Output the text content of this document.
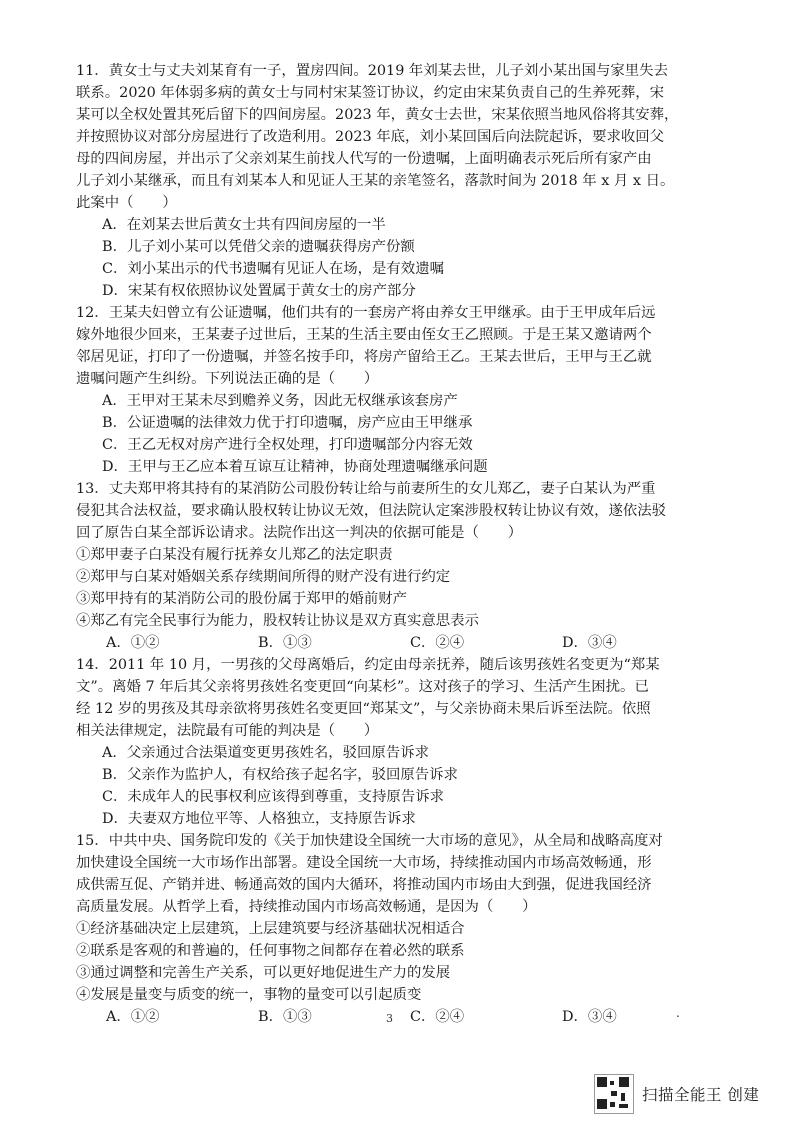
11．黄女士与丈夫刘某育有一子，置房四间。2019 年刘某去世，儿子刘小某出国与家里失去

联系。2020 年体弱多病的黄女士与同村宋某签订协议，约定由宋某负责自己的生养死葬，宋

某可以全权处置其死后留下的四间房屋。2023 年，黄女士去世，宋某依照当地风俗将其安葬，

并按照协议对部分房屋进行了改造利用。2023 年底，刘小某回国后向法院起诉，要求收回父

母的四间房屋，并出示了父亲刘某生前找人代写的一份遗嘱，上面明确表示死后所有家产由

儿子刘小某继承，而且有刘某本人和见证人王某的亲笔签名，落款时间为 2018 年 x 月 x 日。

此案中（　　）

A．在刘某去世后黄女士共有四间房屋的一半

B．儿子刘小某可以凭借父亲的遗嘱获得房产份额

C．刘小某出示的代书遗嘱有见证人在场，是有效遗嘱

D．宋某有权依照协议处置属于黄女士的房产部分

12．王某夫妇曾立有公证遗嘱，他们共有的一套房产将由养女王甲继承。由于王甲成年后远

嫁外地很少回来，王某妻子过世后，王某的生活主要由侄女王乙照顾。于是王某又邀请两个

邻居见证，打印了一份遗嘱，并签名按手印，将房产留给王乙。王某去世后，王甲与王乙就

遗嘱问题产生纠纷。下列说法正确的是（　　）

A．王甲对王某未尽到赡养义务，因此无权继承该套房产

B．公证遗嘱的法律效力优于打印遗嘱，房产应由王甲继承

C．王乙无权对房产进行全权处理，打印遗嘱部分内容无效

D．王甲与王乙应本着互谅互让精神，协商处理遗嘱继承问题

13．丈夫郑甲将其持有的某消防公司股份转让给与前妻所生的女儿郑乙，妻子白某认为严重

侵犯其合法权益，要求确认股权转让协议无效，但法院认定案涉股权转让协议有效，遂依法驳

回了原告白某全部诉讼请求。法院作出这一判决的依据可能是（　　）

①郑甲妻子白某没有履行抚养女儿郑乙的法定职责

②郑甲与白某对婚姻关系存续期间所得的财产没有进行约定

③郑甲持有的某消防公司的股份属于郑甲的婚前财产

④郑乙有完全民事行为能力，股权转让协议是双方真实意思表示

A．①②	B．①③	C．②④	D．③④

14．2011 年 10 月，一男孩的父母离婚后，约定由母亲抚养，随后该男孩姓名变更为“郑某

文”。离婚 7 年后其父亲将男孩姓名变更回“向某杉”。这对孩子的学习、生活产生困扰。已

经 12 岁的男孩及其母亲欲将男孩姓名变更回“郑某文”，与父亲协商未果后诉至法院。依照

相关法律规定，法院最有可能的判决是（　　）

A．父亲通过合法渠道变更男孩姓名，驳回原告诉求

B．父亲作为监护人，有权给孩子起名字，驳回原告诉求

C．未成年人的民事权利应该得到尊重，支持原告诉求

D．夫妻双方地位平等、人格独立，支持原告诉求

15．中共中央、国务院印发的《关于加快建设全国统一大市场的意见》，从全局和战略高度对

加快建设全国统一大市场作出部署。建设全国统一大市场，持续推动国内市场高效畅通，形

成供需互促、产销并进、畅通高效的国内大循环，将推动国内市场由大到强，促进我国经济

高质量发展。从哲学上看，持续推动国内市场高效畅通，是因为（　　）

①经济基础决定上层建筑，上层建筑要与经济基础状况相适合

②联系是客观的和普遍的，任何事物之间都存在着必然的联系

③通过调整和完善生产关系，可以更好地促进生产力的发展

④发展是量变与质变的统一，事物的量变可以引起质变

A．①②	B．①③	C．②④	D．③④
3	.
扫描全能王 创建
